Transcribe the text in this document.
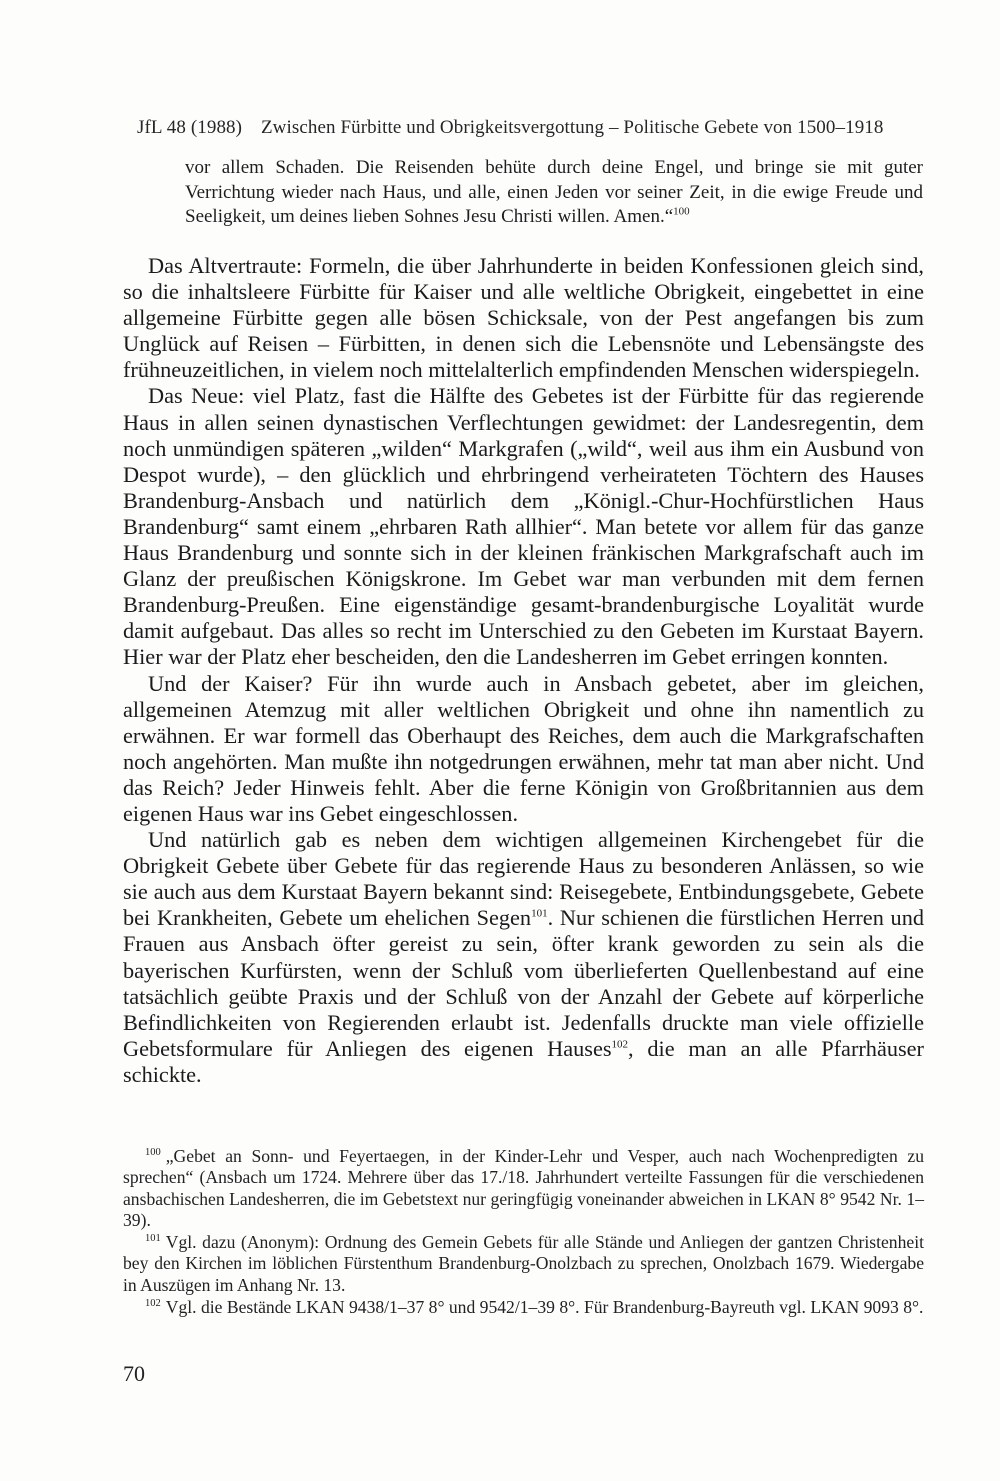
JfL 48 (1988) Zwischen Fürbitte und Obrigkeitsvergottung – Politische Gebete von 1500–1918

vor allem Schaden. Die Reisenden behüte durch deine Engel, und bringe sie mit guter Verrichtung wieder nach Haus, und alle, einen Jeden vor seiner Zeit, in die ewige Freude und Seeligkeit, um deines lieben Sohnes Jesu Christi willen. Amen.“$^{100}$

Das Altvertraute: Formeln, die über Jahrhunderte in beiden Konfessionen gleich sind, so die inhaltsleere Fürbitte für Kaiser und alle weltliche Obrigkeit, eingebettet in eine allgemeine Fürbitte gegen alle bösen Schicksale, von der Pest angefangen bis zum Unglück auf Reisen – Fürbitten, in denen sich die Lebensnöte und Lebensängste des frühneuzeitlichen, in vielem noch mittelalterlich empfindenden Menschen widerspiegeln.

Das Neue: viel Platz, fast die Hälfte des Gebetes ist der Fürbitte für das regierende Haus in allen seinen dynastischen Verflechtungen gewidmet: der Landesregentin, dem noch unmündigen späteren „wilden“ Markgrafen („wild“, weil aus ihm ein Ausbund von Despot wurde), – den glücklich und ehrbringend verheirateten Töchtern des Hauses Brandenburg-Ansbach und natürlich dem „Königl.-Chur-Hochfürstlichen Haus Brandenburg“ samt einem „ehrbaren Rath allhier“. Man betete vor allem für das ganze Haus Brandenburg und sonnte sich in der kleinen fränkischen Markgrafschaft auch im Glanz der preußischen Königskrone. Im Gebet war man verbunden mit dem fernen Brandenburg-Preußen. Eine eigenständige gesamt-brandenburgische Loyalität wurde damit aufgebaut. Das alles so recht im Unterschied zu den Gebeten im Kurstaat Bayern. Hier war der Platz eher bescheiden, den die Landesherren im Gebet erringen konnten.

Und der Kaiser? Für ihn wurde auch in Ansbach gebetet, aber im gleichen, allgemeinen Atemzug mit aller weltlichen Obrigkeit und ohne ihn namentlich zu erwähnen. Er war formell das Oberhaupt des Reiches, dem auch die Markgrafschaften noch angehörten. Man mußte ihn notgedrungen erwähnen, mehr tat man aber nicht. Und das Reich? Jeder Hinweis fehlt. Aber die ferne Königin von Großbritannien aus dem eigenen Haus war ins Gebet eingeschlossen.

Und natürlich gab es neben dem wichtigen allgemeinen Kirchengebet für die Obrigkeit Gebete über Gebete für das regierende Haus zu besonderen Anlässen, so wie sie auch aus dem Kurstaat Bayern bekannt sind: Reisegebete, Entbindungsgebete, Gebete bei Krankheiten, Gebete um ehelichen Segen$^{101}$. Nur schienen die fürstlichen Herren und Frauen aus Ansbach öfter gereist zu sein, öfter krank geworden zu sein als die bayerischen Kurfürsten, wenn der Schluß vom überlieferten Quellenbestand auf eine tatsächlich geübte Praxis und der Schluß von der Anzahl der Gebete auf körperliche Befindlichkeiten von Regierenden erlaubt ist. Jedenfalls druckte man viele offizielle Gebetsformulare für Anliegen des eigenen Hauses$^{102}$, die man an alle Pfarrhäuser schickte.

$^{100}$ „Gebet an Sonn- und Feyertaegen, in der Kinder-Lehr und Vesper, auch nach Wochenpredigten zu sprechen“ (Ansbach um 1724. Mehrere über das 17./18. Jahrhundert verteilte Fassungen für die verschiedenen ansbachischen Landesherren, die im Gebetstext nur geringfügig voneinander abweichen in LKAN 8° 9542 Nr. 1–39).

$^{101}$ Vgl. dazu (Anonym): Ordnung des Gemein Gebets für alle Stände und Anliegen der gantzen Christenheit bey den Kirchen im löblichen Fürstenthum Brandenburg-Onolzbach zu sprechen, Onolzbach 1679. Wiedergabe in Auszügen im Anhang Nr. 13.

$^{102}$ Vgl. die Bestände LKAN 9438/1–37 8° und 9542/1–39 8°. Für Brandenburg-Bayreuth vgl. LKAN 9093 8°.

70
